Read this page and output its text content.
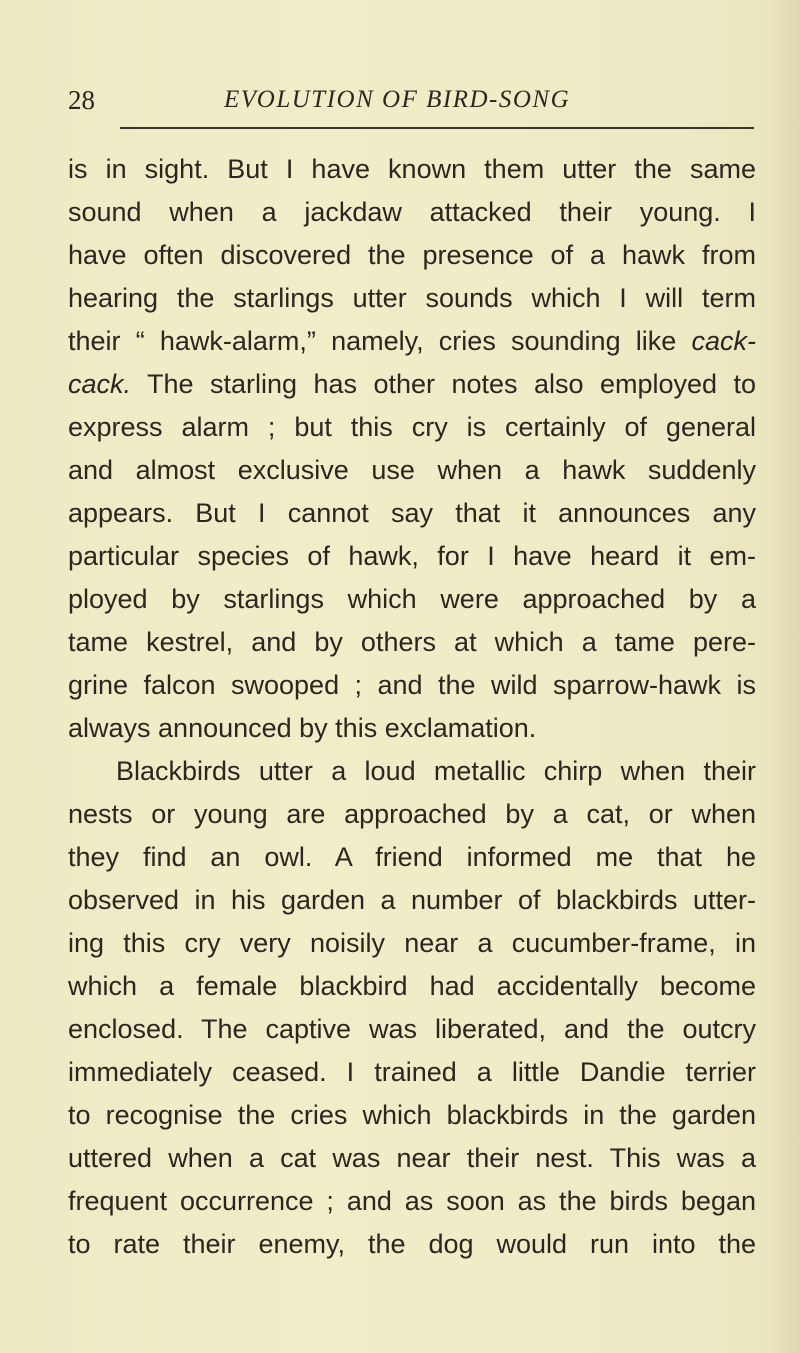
28	EVOLUTION OF BIRD-SONG
is in sight. But I have known them utter the same
sound when a jackdaw attacked their young. I
have often discovered the presence of a hawk from
hearing the starlings utter sounds which I will term
their “ hawk-alarm,” namely, cries sounding like cack-
cack. The starling has other notes also employed to
express alarm ; but this cry is certainly of general
and almost exclusive use when a hawk suddenly
appears. But I cannot say that it announces any
particular species of hawk, for I have heard it em-
ployed by starlings which were approached by a
tame kestrel, and by others at which a tame pere-
grine falcon swooped ; and the wild sparrow-hawk is
always announced by this exclamation.
Blackbirds utter a loud metallic chirp when their
nests or young are approached by a cat, or when
they find an owl. A friend informed me that he
observed in his garden a number of blackbirds utter-
ing this cry very noisily near a cucumber-frame, in
which a female blackbird had accidentally become
enclosed. The captive was liberated, and the outcry
immediately ceased. I trained a little Dandie terrier
to recognise the cries which blackbirds in the garden
uttered when a cat was near their nest. This was a
frequent occurrence ; and as soon as the birds began
to rate their enemy, the dog would run into the
